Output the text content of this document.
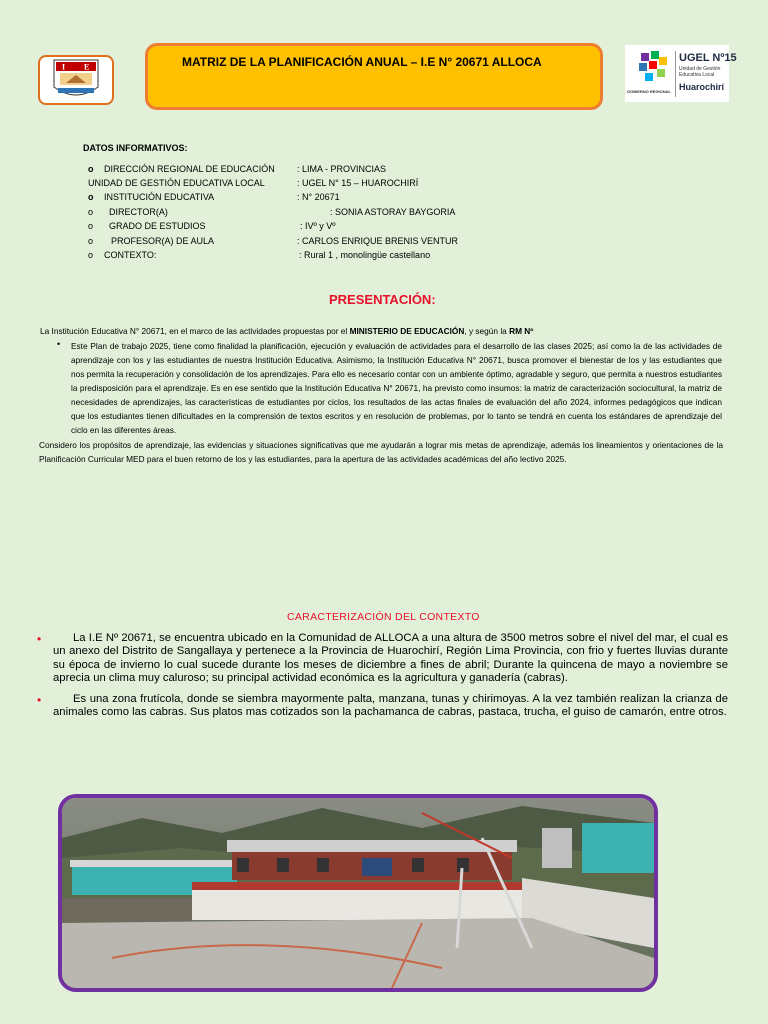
I E	MATRIZ DE LA PLANIFICACIÓN ANUAL – I.E N° 20671 ALLOCA	UGEL Nº15
Unidad de Gestión Educativa Local
Huarochirí
GOBIERNO REGIONAL
DATOS INFORMATIVOS:
o DIRECCIÓN REGIONAL DE EDUCACIÓN : LIMA - PROVINCIAS
UNIDAD DE GESTIÓN EDUCATIVA LOCAL	: UGEL N° 15 – HUAROCHIRÍ
o INSTITUCIÓN EDUCATIVA	: N° 20671
o DIRECTOR(A)	: SONIA ASTORAY BAYGORIA
o GRADO DE ESTUDIOS	: IVº y Vº
o PROFESOR(A) DE AULA	: CARLOS ENRIQUE BRENIS VENTUR
o CONTEXTO:	: Rural 1 , monolingüe castellano
PRESENTACIÓN:
La Institución Educativa N° 20671, en el marco de las actividades propuestas por el MINISTERIO DE EDUCACIÓN, y según la RM Nº
• Este Plan de trabajo 2025, tiene como finalidad la planificación, ejecución y evaluación de actividades para el desarrollo de las clases 2025; así como la de las actividades de aprendizaje con los y las estudiantes de nuestra Institución Educativa. Asimismo, la Institución Educativa N° 20671, busca promover el bienestar de los y las estudiantes que nos permita la recuperación y consolidación de los aprendizajes. Para ello es necesario contar con un ambiente óptimo, agradable y seguro, que permita a nuestros estudiantes la predisposición para el aprendizaje. Es en ese sentido que la Institución Educativa N° 20671, ha previsto como insumos: la matriz de caracterización sociocultural, la matriz de necesidades de aprendizajes, las características de estudiantes por ciclos, los resultados de las actas finales de evaluación del año 2024, informes pedagógicos que indican que los estudiantes tienen dificultades en la comprensión de textos escritos y en resolución de problemas, por lo tanto se tendrá en cuenta los estándares de aprendizaje del ciclo en las diferentes áreas.
Considero los propósitos de aprendizaje, las evidencias y situaciones significativas que me ayudarán a lograr mis metas de aprendizaje, además los lineamientos y orientaciones de la Planificación Curricular MED para el buen retorno de los y las estudiantes, para la apertura de las actividades académicas del año lectivo 2025.
CARACTERIZACIÓN DEL CONTEXTO
•	La I.E Nº 20671, se encuentra ubicado en la Comunidad de ALLOCA a una altura de 3500 metros sobre el nivel del mar, el cual es un anexo del Distrito de Sangallaya y pertenece a la Provincia de Huarochirí, Región Lima Provincia, con frio y fuertes lluvias durante su época de invierno lo cual sucede durante los meses de diciembre a fines de abril; Durante la quincena de mayo a noviembre se aprecia un clima muy caluroso; su principal actividad económica es la agricultura y ganadería (cabras).
•	Es una zona frutícola, donde se siembra mayormente palta, manzana, tunas y chirimoyas. A la vez también realizan la crianza de animales como las cabras. Sus platos mas cotizados son la pachamanca de cabras, pastaca, trucha, el guiso de camarón, entre otros.
